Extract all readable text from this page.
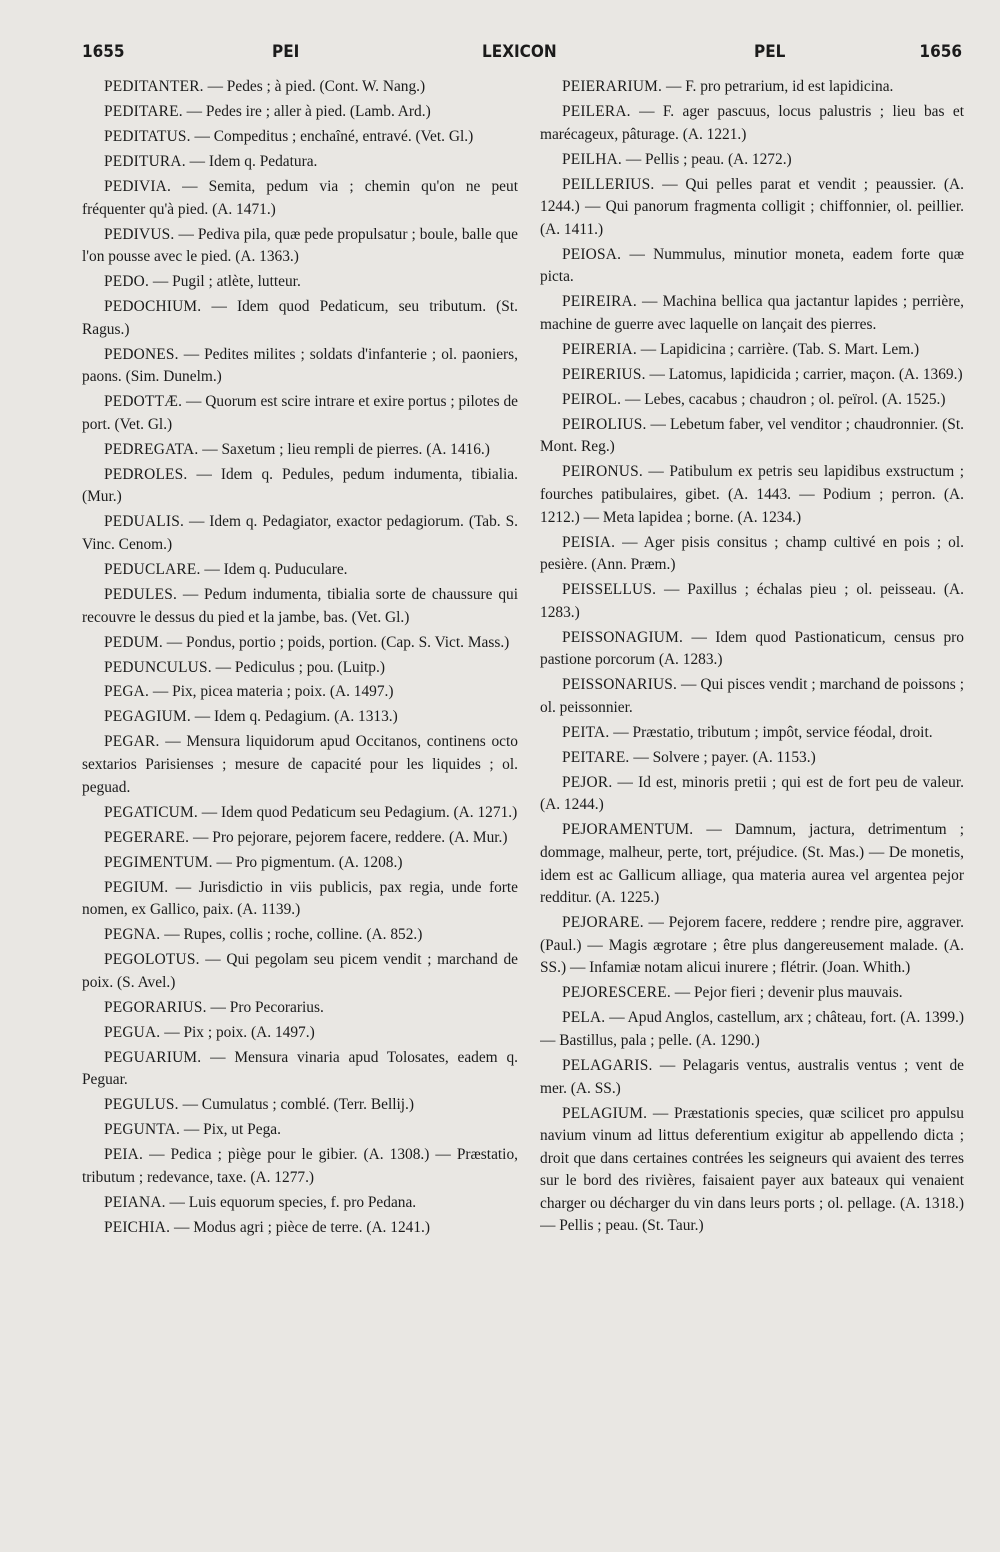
1655	PEI	LEXICON	PEL	1656

PEDITANTER. — Pedes ; à pied. (Cont. W. Nang.)

PEDITARE. — Pedes ire ; aller à pied. (Lamb. Ard.)

PEDITATUS. — Compeditus ; enchaîné, entravé. (Vet. Gl.)

PEDITURA. — Idem q. Pedatura.

PEDIVIA. — Semita, pedum via ; chemin qu'on ne peut fréquenter qu'à pied. (A. 1471.)

PEDIVUS. — Pediva pila, quæ pede propulsatur ; boule, balle que l'on pousse avec le pied. (A. 1363.)

PEDO. — Pugil ; atlète, lutteur.

PEDOCHIUM. — Idem quod Pedaticum, seu tributum. (St. Ragus.)

PEDONES. — Pedites milites ; soldats d'infanterie ; ol. paoniers, paons. (Sim. Dunelm.)

PEDOTTÆ. — Quorum est scire intrare et exire portus ; pilotes de port. (Vet. Gl.)

PEDREGATA. — Saxetum ; lieu rempli de pierres. (A. 1416.)

PEDROLES. — Idem q. Pedules, pedum indumenta, tibialia. (Mur.)

PEDUALIS. — Idem q. Pedagiator, exactor pedagiorum. (Tab. S. Vinc. Cenom.)

PEDUCLARE. — Idem q. Puduculare.

PEDULES. — Pedum indumenta, tibialia sorte de chaussure qui recouvre le dessus du pied et la jambe, bas. (Vet. Gl.)

PEDUM. — Pondus, portio ; poids, portion. (Cap. S. Vict. Mass.)

PEDUNCULUS. — Pediculus ; pou. (Luitp.)

PEGA. — Pix, picea materia ; poix. (A. 1497.)

PEGAGIUM. — Idem q. Pedagium. (A. 1313.)

PEGAR. — Mensura liquidorum apud Occitanos, continens octo sextarios Parisienses ; mesure de capacité pour les liquides ; ol. peguad.

PEGATICUM. — Idem quod Pedaticum seu Pedagium. (A. 1271.)

PEGERARE. — Pro pejorare, pejorem facere, reddere. (A. Mur.)

PEGIMENTUM. — Pro pigmentum. (A. 1208.)

PEGIUM. — Jurisdictio in viis publicis, pax regia, unde forte nomen, ex Gallico, paix. (A. 1139.)

PEGNA. — Rupes, collis ; roche, colline. (A. 852.)

PEGOLOTUS. — Qui pegolam seu picem vendit ; marchand de poix. (S. Avel.)

PEGORARIUS. — Pro Pecorarius.

PEGUA. — Pix ; poix. (A. 1497.)

PEGUARIUM. — Mensura vinaria apud Tolosates, eadem q. Peguar.

PEGULUS. — Cumulatus ; comblé. (Terr. Bellij.)

PEGUNTA. — Pix, ut Pega.

PEIA. — Pedica ; piège pour le gibier. (A. 1308.) — Præstatio, tributum ; redevance, taxe. (A. 1277.)

PEIANA. — Luis equorum species, f. pro Pedana.

PEICHIA. — Modus agri ; pièce de terre. (A. 1241.)

PEIERARIUM. — F. pro petrarium, id est lapidicina.

PEILERA. — F. ager pascuus, locus palustris ; lieu bas et marécageux, pâturage. (A. 1221.)

PEILHA. — Pellis ; peau. (A. 1272.)

PEILLERIUS. — Qui pelles parat et vendit ; peaussier. (A. 1244.) — Qui panorum fragmenta colligit ; chiffonnier, ol. peillier. (A. 1411.)

PEIOSA. — Nummulus, minutior moneta, eadem forte quæ picta.

PEIREIRA. — Machina bellica qua jactantur lapides ; perrière, machine de guerre avec laquelle on lançait des pierres.

PEIRERIA. — Lapidicina ; carrière. (Tab. S. Mart. Lem.)

PEIRERIUS. — Latomus, lapidicida ; carrier, maçon. (A. 1369.)

PEIROL. — Lebes, cacabus ; chaudron ; ol. peïrol. (A. 1525.)

PEIROLIUS. — Lebetum faber, vel venditor ; chaudronnier. (St. Mont. Reg.)

PEIRONUS. — Patibulum ex petris seu lapidibus exstructum ; fourches patibulaires, gibet. (A. 1443. — Podium ; perron. (A. 1212.) — Meta lapidea ; borne. (A. 1234.)

PEISIA. — Ager pisis consitus ; champ cultivé en pois ; ol. pesière. (Ann. Præm.)

PEISSELLUS. — Paxillus ; échalas pieu ; ol. peisseau. (A. 1283.)

PEISSONAGIUM. — Idem quod Pastionaticum, census pro pastione porcorum (A. 1283.)

PEISSONARIUS. — Qui pisces vendit ; marchand de poissons ; ol. peissonnier.

PEITA. — Præstatio, tributum ; impôt, service féodal, droit.

PEITARE. — Solvere ; payer. (A. 1153.)

PEJOR. — Id est, minoris pretii ; qui est de fort peu de valeur. (A. 1244.)

PEJORAMENTUM. — Damnum, jactura, detrimentum ; dommage, malheur, perte, tort, préjudice. (St. Mas.) — De monetis, idem est ac Gallicum alliage, qua materia aurea vel argentea pejor redditur. (A. 1225.)

PEJORARE. — Pejorem facere, reddere ; rendre pire, aggraver. (Paul.) — Magis ægrotare ; être plus dangereusement malade. (A. SS.) — Infamiæ notam alicui inurere ; flétrir. (Joan. Whith.)

PEJORESCERE. — Pejor fieri ; devenir plus mauvais.

PELA. — Apud Anglos, castellum, arx ; château, fort. (A. 1399.) — Bastillus, pala ; pelle. (A. 1290.)

PELAGARIS. — Pelagaris ventus, australis ventus ; vent de mer. (A. SS.)

PELAGIUM. — Præstationis species, quæ scilicet pro appulsu navium vinum ad littus deferentium exigitur ab appellendo dicta ; droit que dans certaines contrées les seigneurs qui avaient des terres sur le bord des rivières, faisaient payer aux bateaux qui venaient charger ou décharger du vin dans leurs ports ; ol. pellage. (A. 1318.) — Pellis ; peau. (St. Taur.)
